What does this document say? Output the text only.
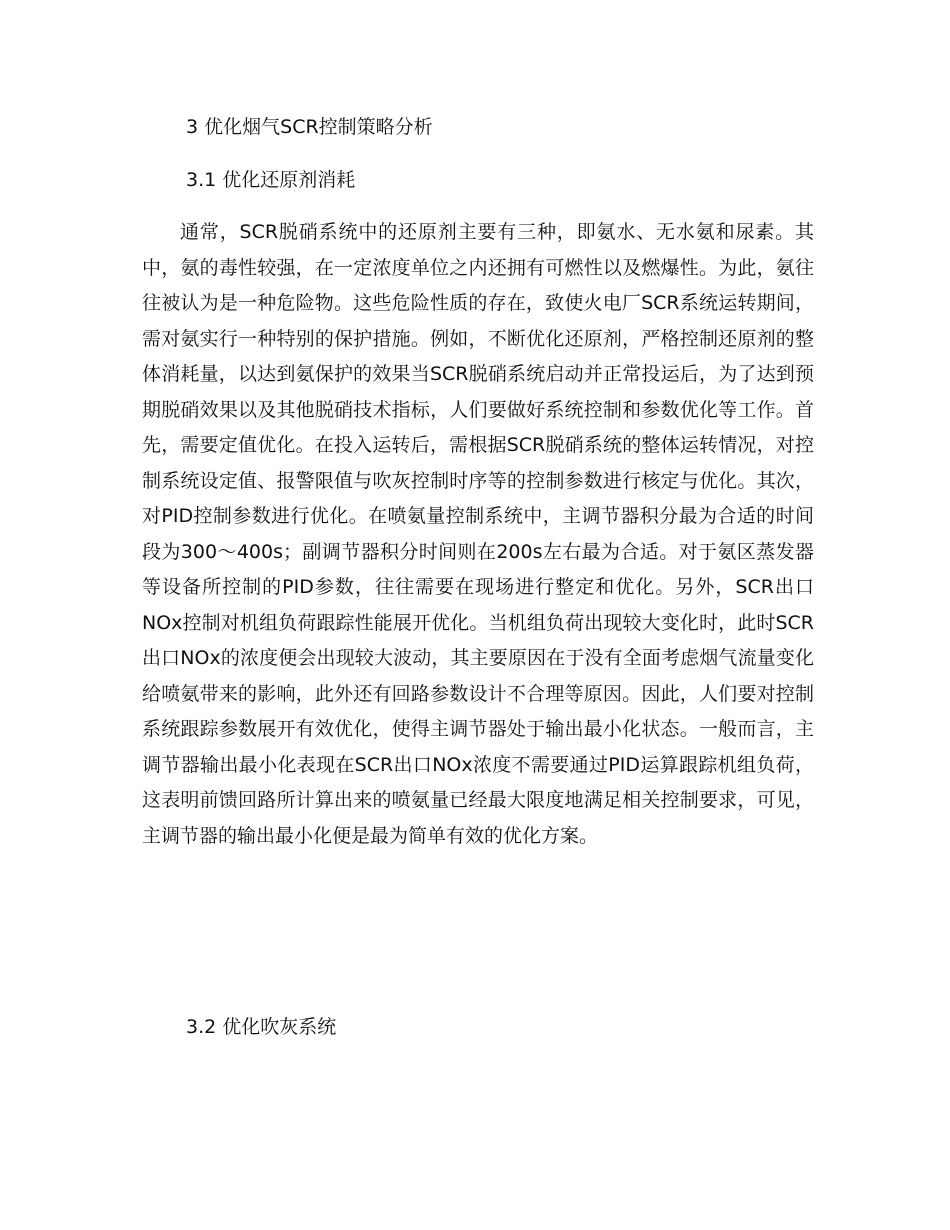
3 优化烟气SCR控制策略分析
3.1 优化还原剂消耗

通常，SCR脱硝系统中的还原剂主要有三种，即氨水、无水氨和尿素。其中，氨的毒性较强，在一定浓度单位之内还拥有可燃性以及燃爆性。为此，氨往往被认为是一种危险物。这些危险性质的存在，致使火电厂SCR系统运转期间，需对氨实行一种特别的保护措施。例如，不断优化还原剂，严格控制还原剂的整体消耗量，以达到氨保护的效果当SCR脱硝系统启动并正常投运后，为了达到预期脱硝效果以及其他脱硝技术指标，人们要做好系统控制和参数优化等工作。首先，需要定值优化。在投入运转后，需根据SCR脱硝系统的整体运转情况，对控制系统设定值、报警限值与吹灰控制时序等的控制参数进行核定与优化。其次，对PID控制参数进行优化。在喷氨量控制系统中，主调节器积分最为合适的时间段为300～400s；副调节器积分时间则在200s左右最为合适。对于氨区蒸发器等设备所控制的PID参数，往往需要在现场进行整定和优化。另外，SCR出口NOx控制对机组负荷跟踪性能展开优化。当机组负荷出现较大变化时，此时SCR出口NOx的浓度便会出现较大波动，其主要原因在于没有全面考虑烟气流量变化给喷氨带来的影响，此外还有回路参数设计不合理等原因。因此，人们要对控制系统跟踪参数展开有效优化，使得主调节器处于输出最小化状态。一般而言，主调节器输出最小化表现在SCR出口NOx浓度不需要通过PID运算跟踪机组负荷，这表明前馈回路所计算出来的喷氨量已经最大限度地满足相关控制要求，可见，主调节器的输出最小化便是最为简单有效的优化方案。

3.2 优化吹灰系统
